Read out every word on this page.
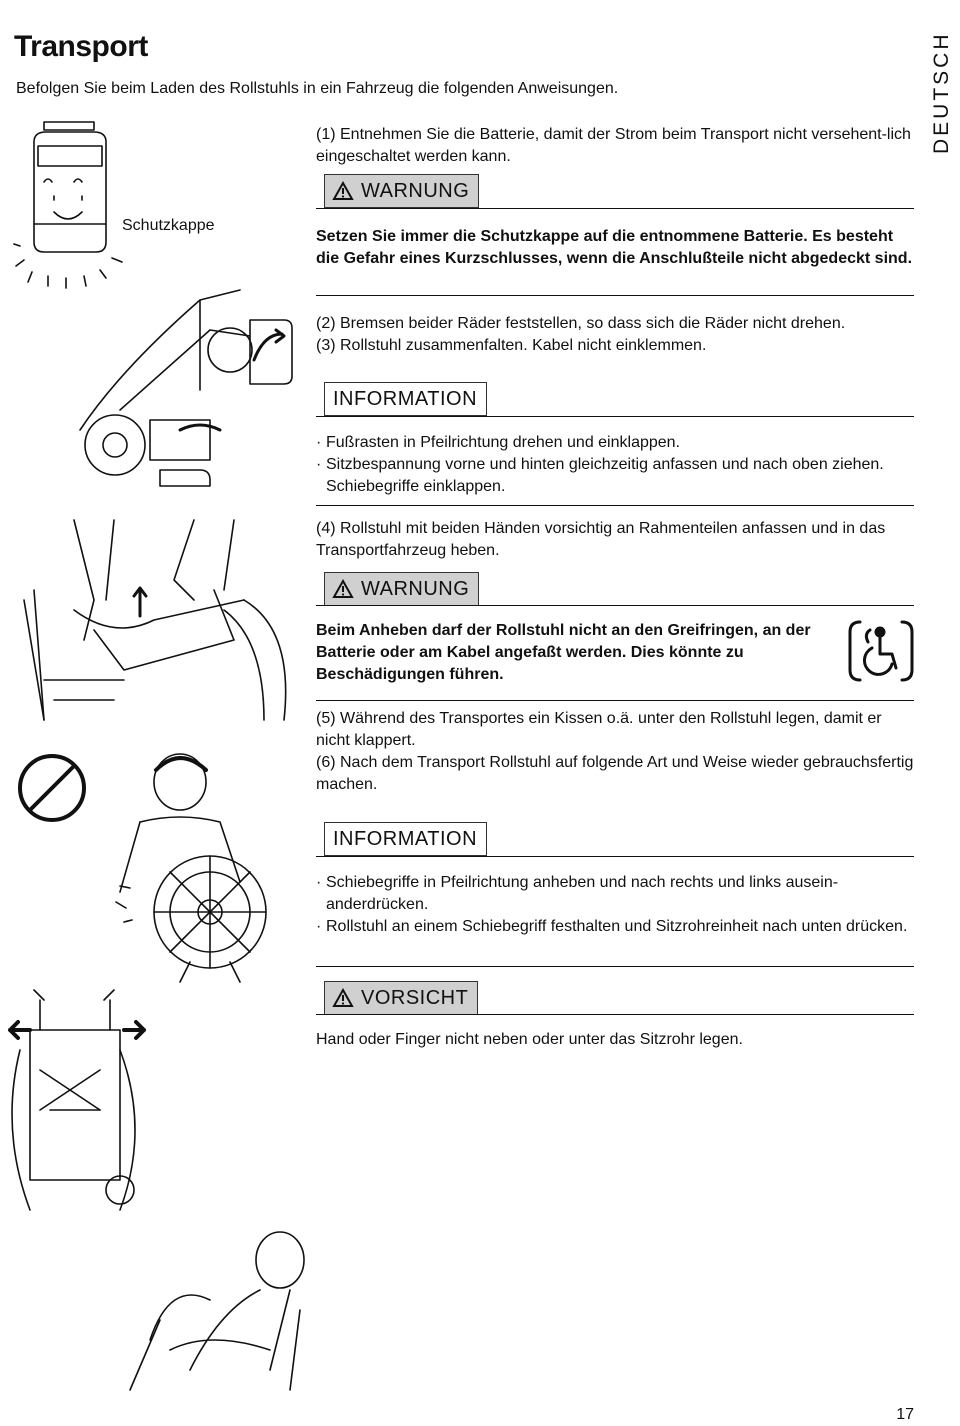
Transport
Befolgen Sie beim Laden des Rollstuhls in ein Fahrzeug die folgenden Anweisungen.	DEUTSCH
Schutzkappe

(1) Entnehmen Sie die Batterie, damit der Strom beim Transport nicht versehent-lich eingeschaltet werden kann.

WARNUNG

Setzen Sie immer die Schutzkappe auf die entnommene Batterie. Es besteht die Gefahr eines Kurzschlusses, wenn die Anschlußteile nicht abgedeckt sind.

(2) Bremsen beider Räder feststellen, so dass sich die Räder nicht drehen.

(3) Rollstuhl zusammenfalten. Kabel nicht einklemmen.

INFORMATION
· Fußrasten in Pfeilrichtung drehen und einklappen.
· Sitzbespannung vorne und hinten gleichzeitig anfassen und nach oben ziehen. Schiebegriffe einklappen.

(4) Rollstuhl mit beiden Händen vorsichtig an Rahmenteilen anfassen und in das Transportfahrzeug heben.

WARNUNG

Beim Anheben darf der Rollstuhl nicht an den Greifringen, an der Batterie oder am Kabel angefaßt werden. Dies könnte zu Beschädigungen führen.

(5) Während des Transportes ein Kissen o.ä. unter den Rollstuhl legen, damit er nicht klappert.

(6) Nach dem Transport Rollstuhl auf folgende Art und Weise wieder gebrauchsfertig machen.

INFORMATION
· Schiebegriffe in Pfeilrichtung anheben und nach rechts und links ausein-anderdrücken.
· Rollstuhl an einem Schiebegriff festhalten und Sitzrohreinheit nach unten drücken.
VORSICHT

Hand oder Finger nicht neben oder unter das Sitzrohr legen.

17
